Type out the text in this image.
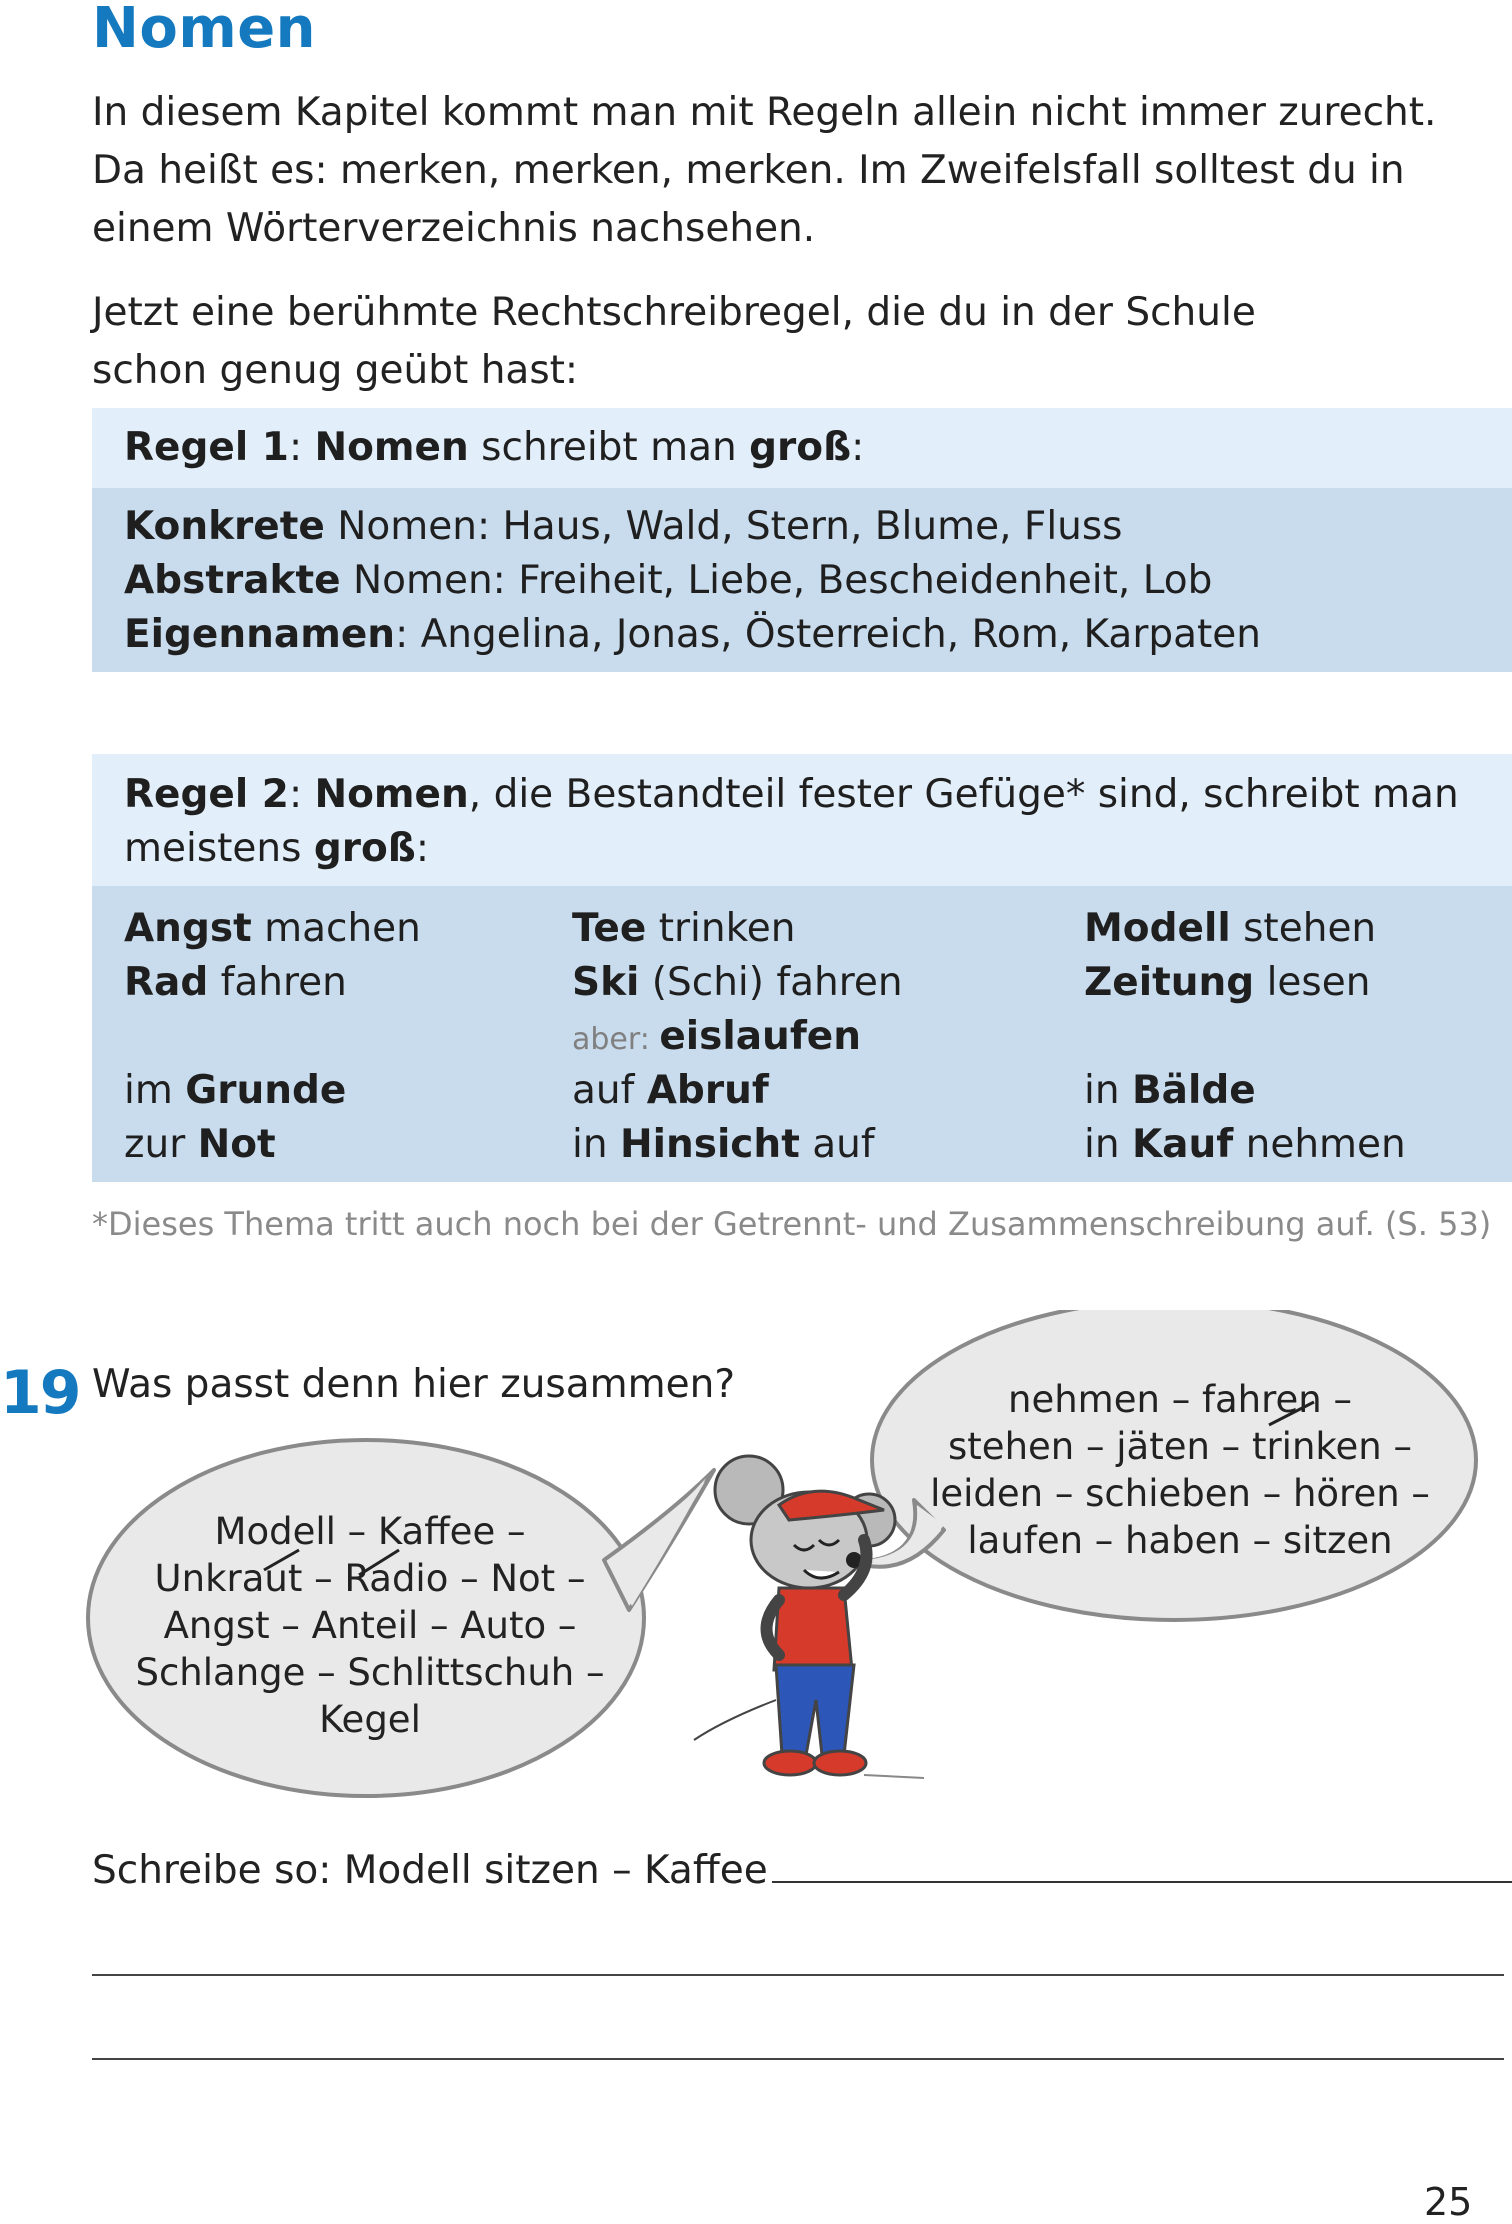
Nomen

In diesem Kapitel kommt man mit Regeln allein nicht immer zurecht. Da heißt es: merken, merken, merken. Im Zweifelsfall solltest du in einem Wörterverzeichnis nachsehen.

Jetzt eine berühmte Rechtschreibregel, die du in der Schule schon genug geübt hast:

Regel 1: Nomen schreibt man groß:
Konkrete Nomen: Haus, Wald, Stern, Blume, Fluss
Abstrakte Nomen: Freiheit, Liebe, Bescheidenheit, Lob
Eigennamen: Angelina, Jonas, Österreich, Rom, Karpaten
Regel 2: Nomen, die Bestandteil fester Gefüge* sind, schreibt man
meistens groß:
Angst machen
Rad fahren
im Grunde
zur Not
Tee trinken
Ski (Schi) fahren
aber: eislaufen
auf Abruf
in Hinsicht auf
Modell stehen
Zeitung lesen
in Bälde
in Kauf nehmen

*Dieses Thema tritt auch noch bei der Getrennt- und Zusammenschreibung auf. (S. 53)

19 Was passt denn hier zusammen?
Modell – Kaffee –
Unkraut – Radio – Not –
Angst – Anteil – Auto –
Schlange – Schlittschuh –
Kegel
nehmen – fahren –
stehen – jäten – trinken –
leiden – schieben – hören –
laufen – haben – sitzen
Schreibe so: Modell sitzen – Kaffee
25
